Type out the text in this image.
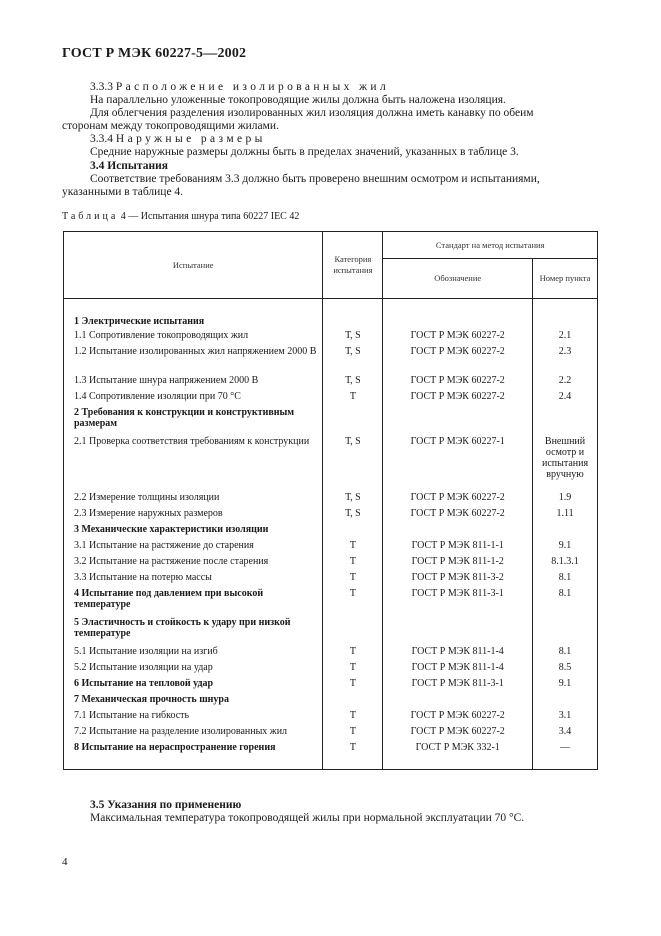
ГОСТ Р МЭК 60227-5—2002
3.3.3 Расположение изолированных жил
На параллельно уложенные токопроводящие жилы должна быть наложена изоляция.
Для облегчения разделения изолированных жил изоляция должна иметь канавку по обеим
сторонам между токопроводящими жилами.
3.3.4 Наружные размеры
Средние наружные размеры должны быть в пределах значений, указанных в таблице 3.
3.4 Испытания
Соответствие требованиям 3.3 должно быть проверено внешним осмотром и испытаниями,
указанными в таблице 4.
Таблица 4 — Испытания шнура типа 60227 IEC 42
Испытание	Категория испытания	Стандарт на метод испытания	
		Обозначение	Номер пункта

1 Электрические испытания			
1.1 Сопротивление токопроводящих жил	Т, S	ГОСТ Р МЭК 60227-2	2.1
1.2 Испытание изолированных жил напряжением 2000 В	Т, S	ГОСТ Р МЭК 60227-2	2.3
1.3 Испытание шнура напряжением 2000 В	Т, S	ГОСТ Р МЭК 60227-2	2.2
1.4 Сопротивление изоляции при 70 °С	Т	ГОСТ Р МЭК 60227-2	2.4
2 Требования к конструкции и конструктивным размерам			
2.1 Проверка соответствия требованиям к конструкции	Т, S	ГОСТ Р МЭК 60227-1	Внешний осмотр и испытания вручную
2.2 Измерение толщины изоляции	Т, S	ГОСТ Р МЭК 60227-2	1.9
2.3 Измерение наружных размеров	Т, S	ГОСТ Р МЭК 60227-2	1.11
3 Механические характеристики изоляции			
3.1 Испытание на растяжение до старения	Т	ГОСТ Р МЭК 811-1-1	9.1
3.2 Испытание на растяжение после старения	Т	ГОСТ Р МЭК 811-1-2	8.1.3.1
3.3 Испытание на потерю массы	Т	ГОСТ Р МЭК 811-3-2	8.1
4 Испытание под давлением при высокой температуре	Т	ГОСТ Р МЭК 811-3-1	8.1
5 Эластичность и стойкость к удару при низкой температуре			
5.1 Испытание изоляции на изгиб	Т	ГОСТ Р МЭК 811-1-4	8.1
5.2 Испытание изоляции на удар	Т	ГОСТ Р МЭК 811-1-4	8.5
6 Испытание на тепловой удар	Т	ГОСТ Р МЭК 811-3-1	9.1
7 Механическая прочность шнура			
7.1 Испытание на гибкость	Т	ГОСТ Р МЭК 60227-2	3.1
7.2 Испытание на разделение изолированных жил	Т	ГОСТ Р МЭК 60227-2	3.4
8 Испытание на нераспространение горения	Т	ГОСТ Р МЭК 332-1	—

3.5 Указания по применению
Максимальная температура токопроводящей жилы при нормальной эксплуатации 70 °С.
4
